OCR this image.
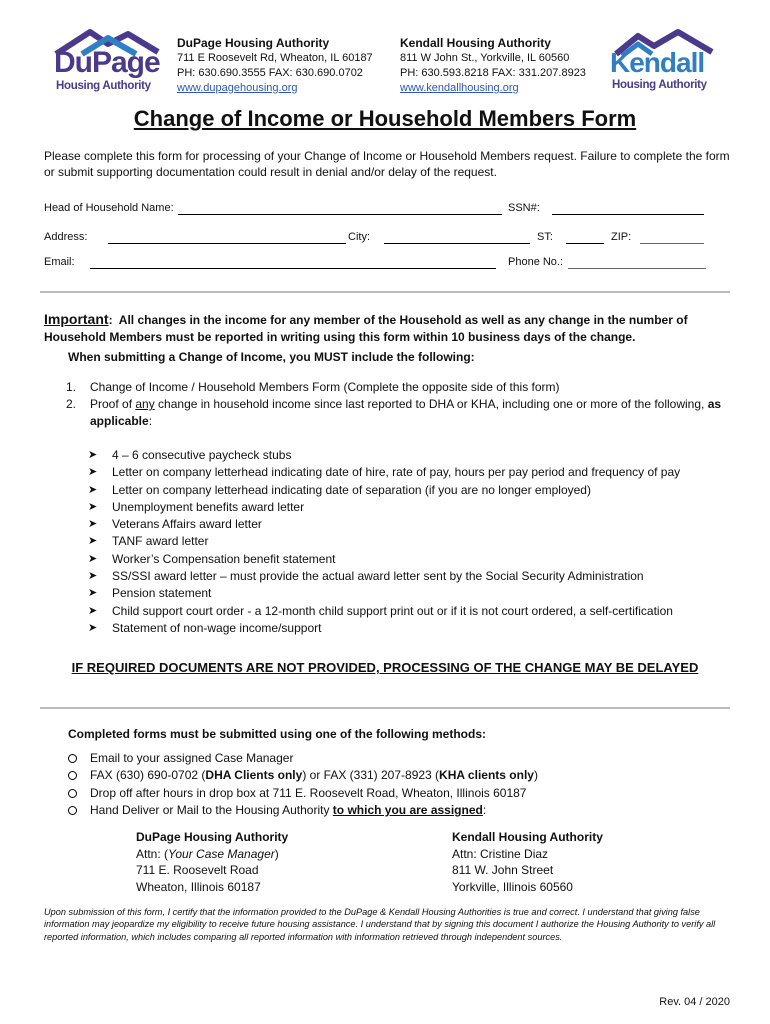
DuPage
Housing Authority
DuPage Housing Authority
711 E Roosevelt Rd, Wheaton, IL 60187
PH: 630.690.3555 FAX: 630.690.0702
www.dupagehousing.org
Kendall Housing Authority
811 W John St., Yorkville, IL 60560
PH: 630.593.8218 FAX: 331.207.8923
www.kendallhousing.org
Kendall
Housing Authority
Change of Income or Household Members Form
Please complete this form for processing of your Change of Income or Household Members request. Failure to complete the form or submit supporting documentation could result in denial and/or delay of the request.
Head of Household Name:	SSN#:
Address:	City:	ST:	ZIP:
Email:	Phone No.:
Important:  All changes in the income for any member of the Household as well as any change in the number of Household Members must be reported in writing using this form within 10 business days of the change.
When submitting a Change of Income, you MUST include the following:
1.	Change of Income / Household Members Form (Complete the opposite side of this form)
2.	Proof of any change in household income since last reported to DHA or KHA, including one or more of the following, as applicable:
➤	4 – 6 consecutive paycheck stubs
➤	Letter on company letterhead indicating date of hire, rate of pay, hours per pay period and frequency of pay
➤	Letter on company letterhead indicating date of separation (if you are no longer employed)
➤	Unemployment benefits award letter
➤	Veterans Affairs award letter
➤	TANF award letter
➤	Worker’s Compensation benefit statement
➤	SS/SSI award letter – must provide the actual award letter sent by the Social Security Administration
➤	Pension statement
➤	Child support court order - a 12-month child support print out or if it is not court ordered, a self-certification
➤	Statement of non-wage income/support
IF REQUIRED DOCUMENTS ARE NOT PROVIDED, PROCESSING OF THE CHANGE MAY BE DELAYED
Completed forms must be submitted using one of the following methods:
Email to your assigned Case Manager
FAX (630) 690-0702 (DHA Clients only) or FAX (331) 207-8923 (KHA clients only)
Drop off after hours in drop box at 711 E. Roosevelt Road, Wheaton, Illinois 60187
Hand Deliver or Mail to the Housing Authority to which you are assigned:
DuPage Housing Authority
Attn: (Your Case Manager)
711 E. Roosevelt Road
Wheaton, Illinois 60187
Kendall Housing Authority
Attn: Cristine Diaz
811 W. John Street
Yorkville, Illinois 60560
Upon submission of this form, I certify that the information provided to the DuPage & Kendall Housing Authorities is true and correct. I understand that giving false information may jeopardize my eligibility to receive future housing assistance. I understand that by signing this document I authorize the Housing Authority to verify all reported information, which includes comparing all reported information with information retrieved through independent sources.
Rev. 04 / 2020
